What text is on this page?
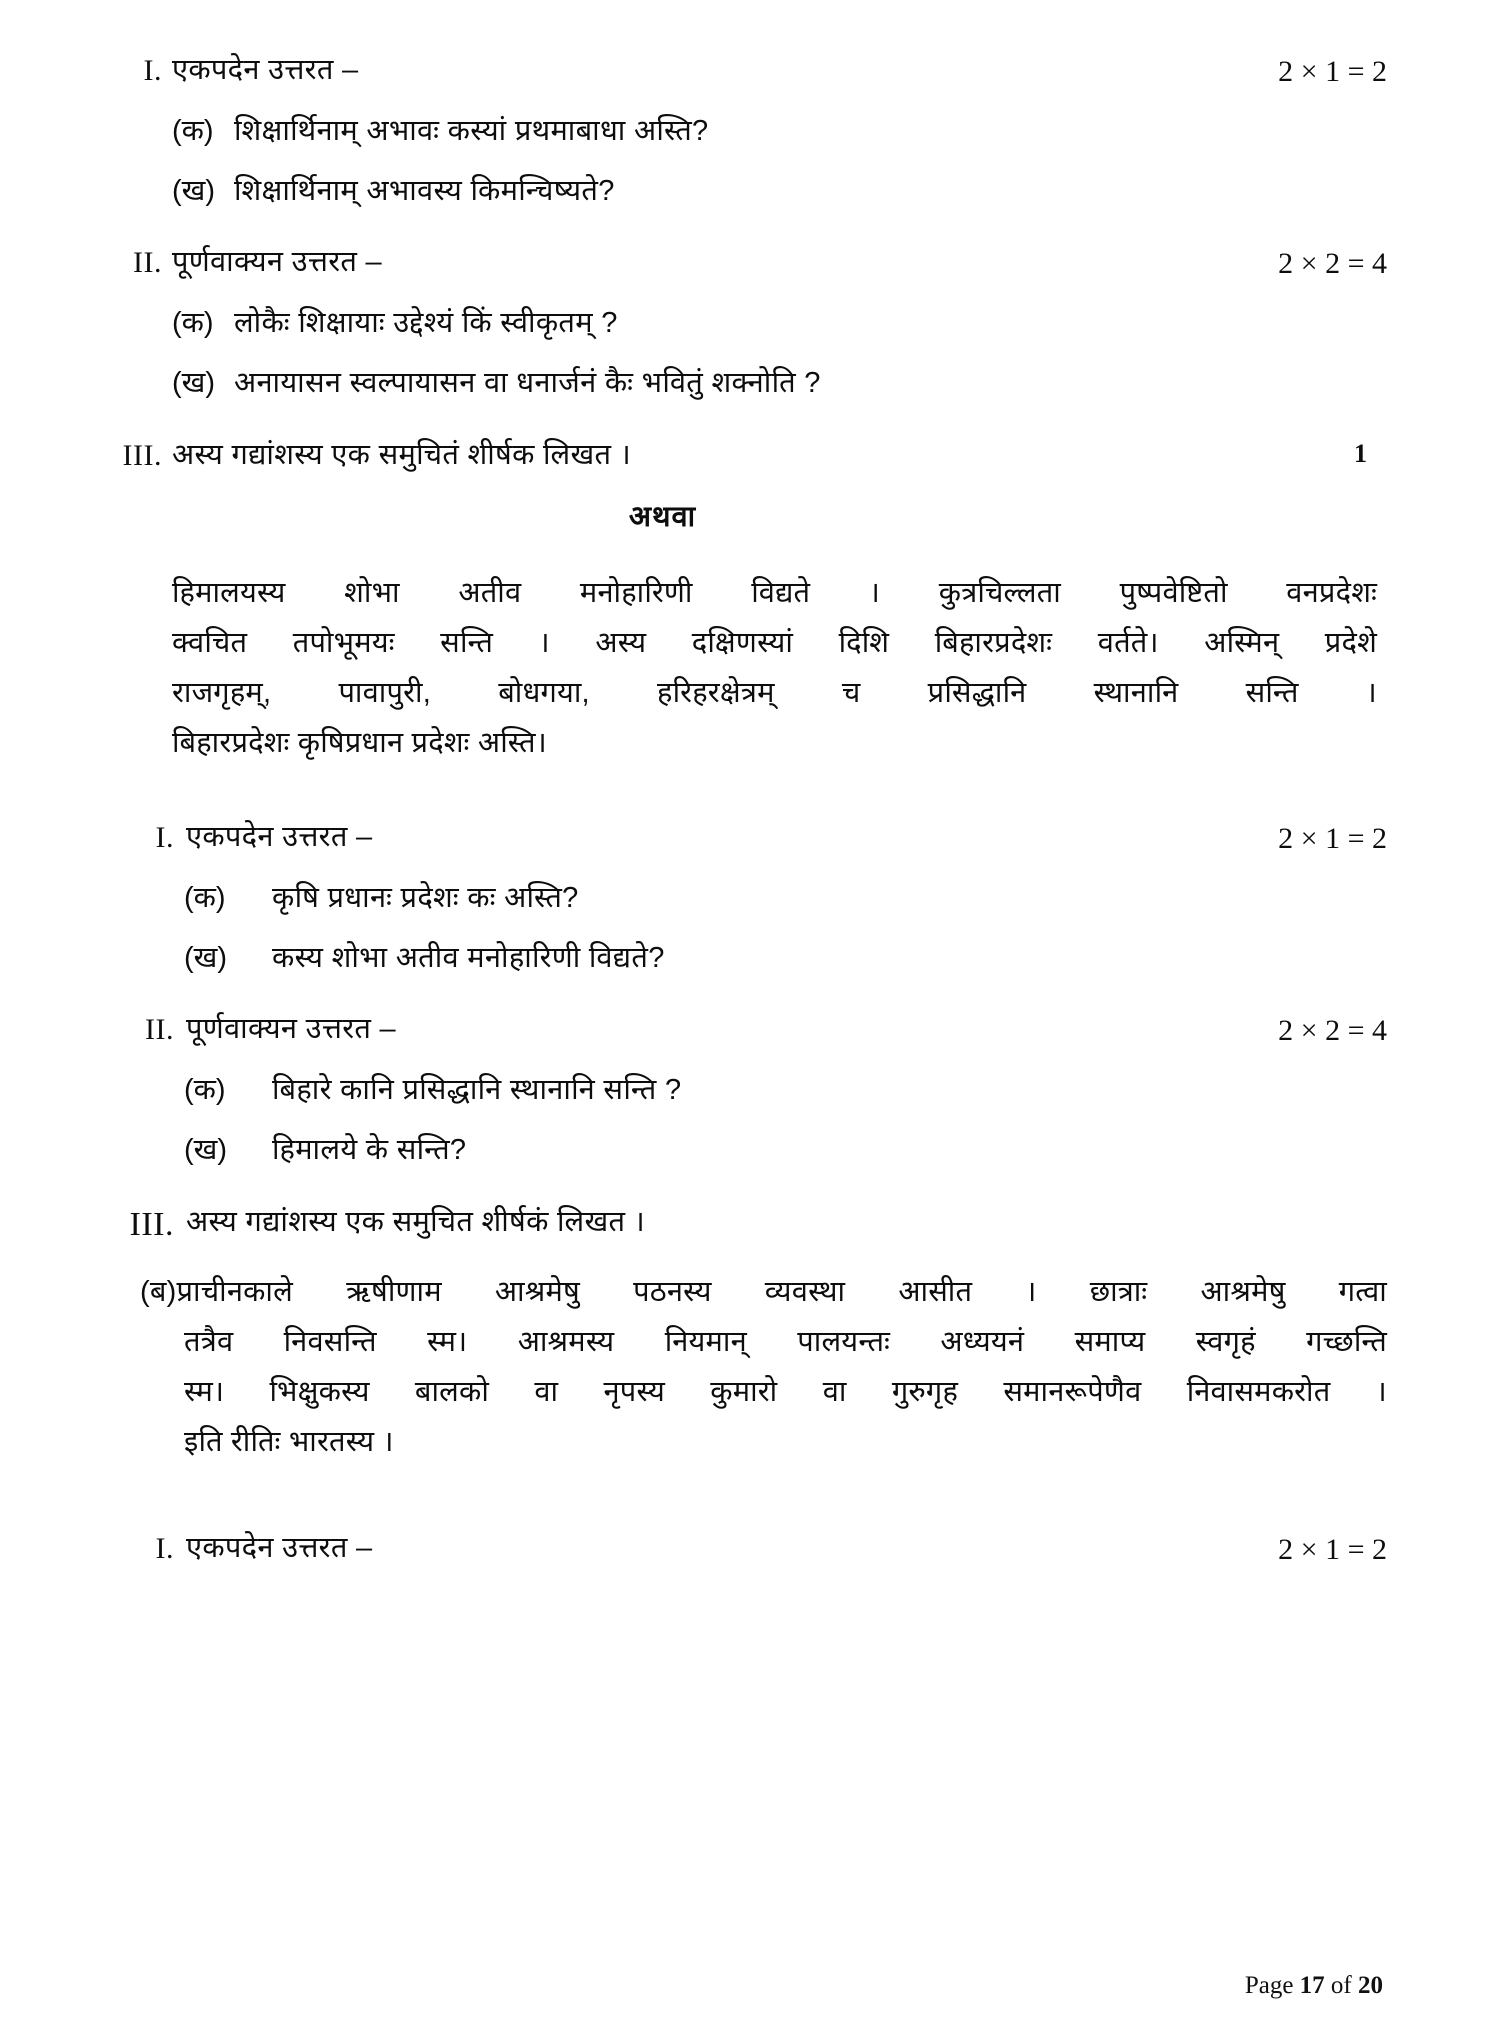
I. एकपदेन उत्तरत –	2 × 1 = 2
(क) शिक्षार्थिनाम् अभावः कस्यां प्रथमाबाधा अस्ति?
(ख) शिक्षार्थिनाम् अभावस्य किमन्चिष्यते?
II. पूर्णवाक्यन उत्तरत –	2 × 2 = 4
(क) लोकैः शिक्षायाः उद्देश्यं किं स्वीकृतम् ?
(ख) अनायासन स्वल्पायासन वा धनार्जनं कैः भवितुं शक्नोति ?
III. अस्य गद्यांशस्य एक समुचितं शीर्षक लिखत ।	1
अथवा
हिमालयस्य शोभा अतीव मनोहारिणी विद्यते । कुत्रचिल्लता पुष्पवेष्टितो वनप्रदेशः
क्वचित तपोभूमयः सन्ति । अस्य दक्षिणस्यां दिशि बिहारप्रदेशः वर्तते। अस्मिन् प्रदेशे
राजगृहम्, पावापुरी, बोधगया, हरिहरक्षेत्रम् च प्रसिद्धानि स्थानानि सन्ति ।
बिहारप्रदेशः कृषिप्रधान प्रदेशः अस्ति।
I. एकपदेन उत्तरत –	2 × 1 = 2
(क)	कृषि प्रधानः प्रदेशः कः अस्ति?
(ख)	कस्य शोभा अतीव मनोहारिणी विद्यते?
II. पूर्णवाक्यन उत्तरत –	2 × 2 = 4
(क)	बिहारे कानि प्रसिद्धानि स्थानानि सन्ति ?
(ख)	हिमालये के सन्ति?
III. अस्य गद्यांशस्य एक समुचित शीर्षकं लिखत ।
(ब)प्राचीनकाले ऋषीणाम आश्रमेषु पठनस्य व्यवस्था आसीत । छात्राः आश्रमेषु गत्वा
तत्रैव निवसन्ति स्म। आश्रमस्य नियमान् पालयन्तः अध्ययनं समाप्य स्वगृहं गच्छन्ति
स्म। भिक्षुकस्य बालको वा नृपस्य कुमारो वा गुरुगृह समानरूपेणैव निवासमकरोत ।
इति रीतिः भारतस्य ।
I. एकपदेन उत्तरत –	2 × 1 = 2
Page 17 of 20
